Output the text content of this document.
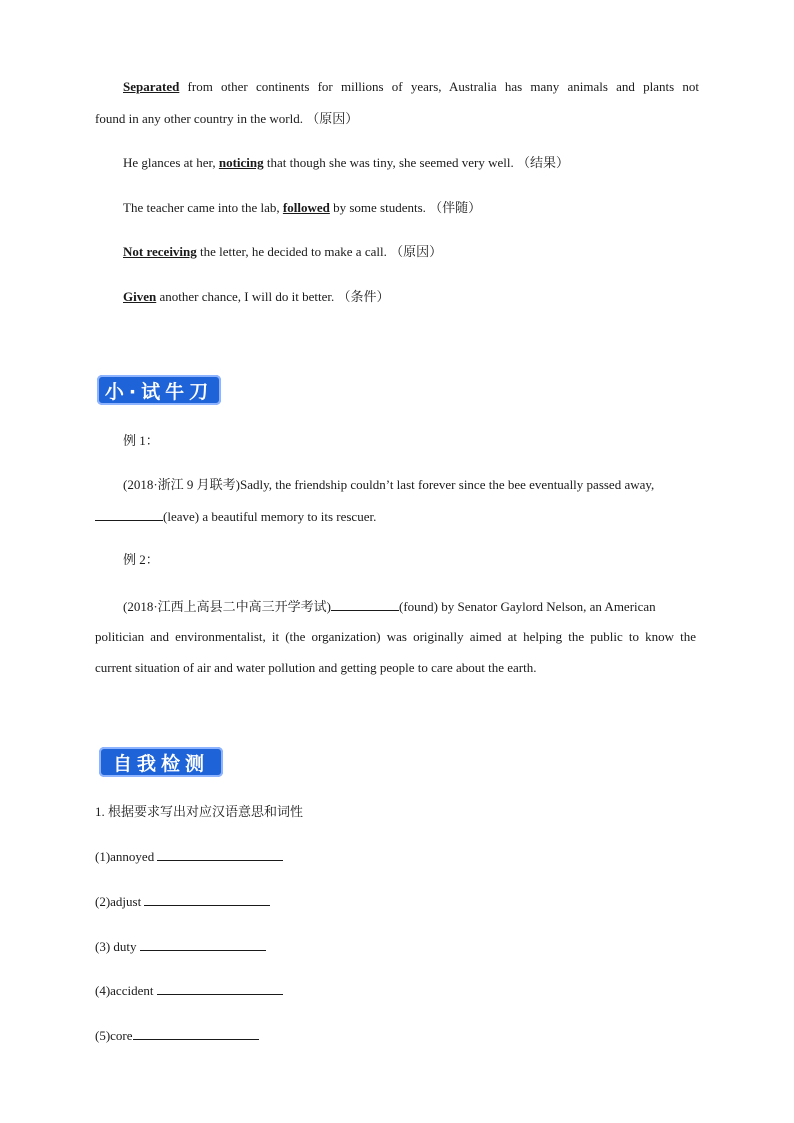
Separated from other continents for millions of years, Australia has many animals and plants not
found in any other country in the world. （原因）
He glances at her, noticing that though she was tiny, she seemed very well. （结果）
The teacher came into the lab, followed by some students. （伴随）
Not receiving the letter, he decided to make a call. （原因）
Given another chance, I will do it better. （条件）
小·试牛刀
例 1：
(2018·浙江 9 月联考)Sadly, the friendship couldn’t last forever since the bee eventually passed away,
(leave) a beautiful memory to its rescuer.
例 2：
(2018·江西上高县二中高三开学考试)	(found) by Senator Gaylord Nelson, an American
politician and environmentalist, it (the organization) was originally aimed at helping the public to know the
current situation of air and water pollution and getting people to care about the earth.
自我检测
1. 根据要求写出对应汉语意思和词性
(1)annoyed
(2)adjust
(3) duty
(4)accident
(5)core
